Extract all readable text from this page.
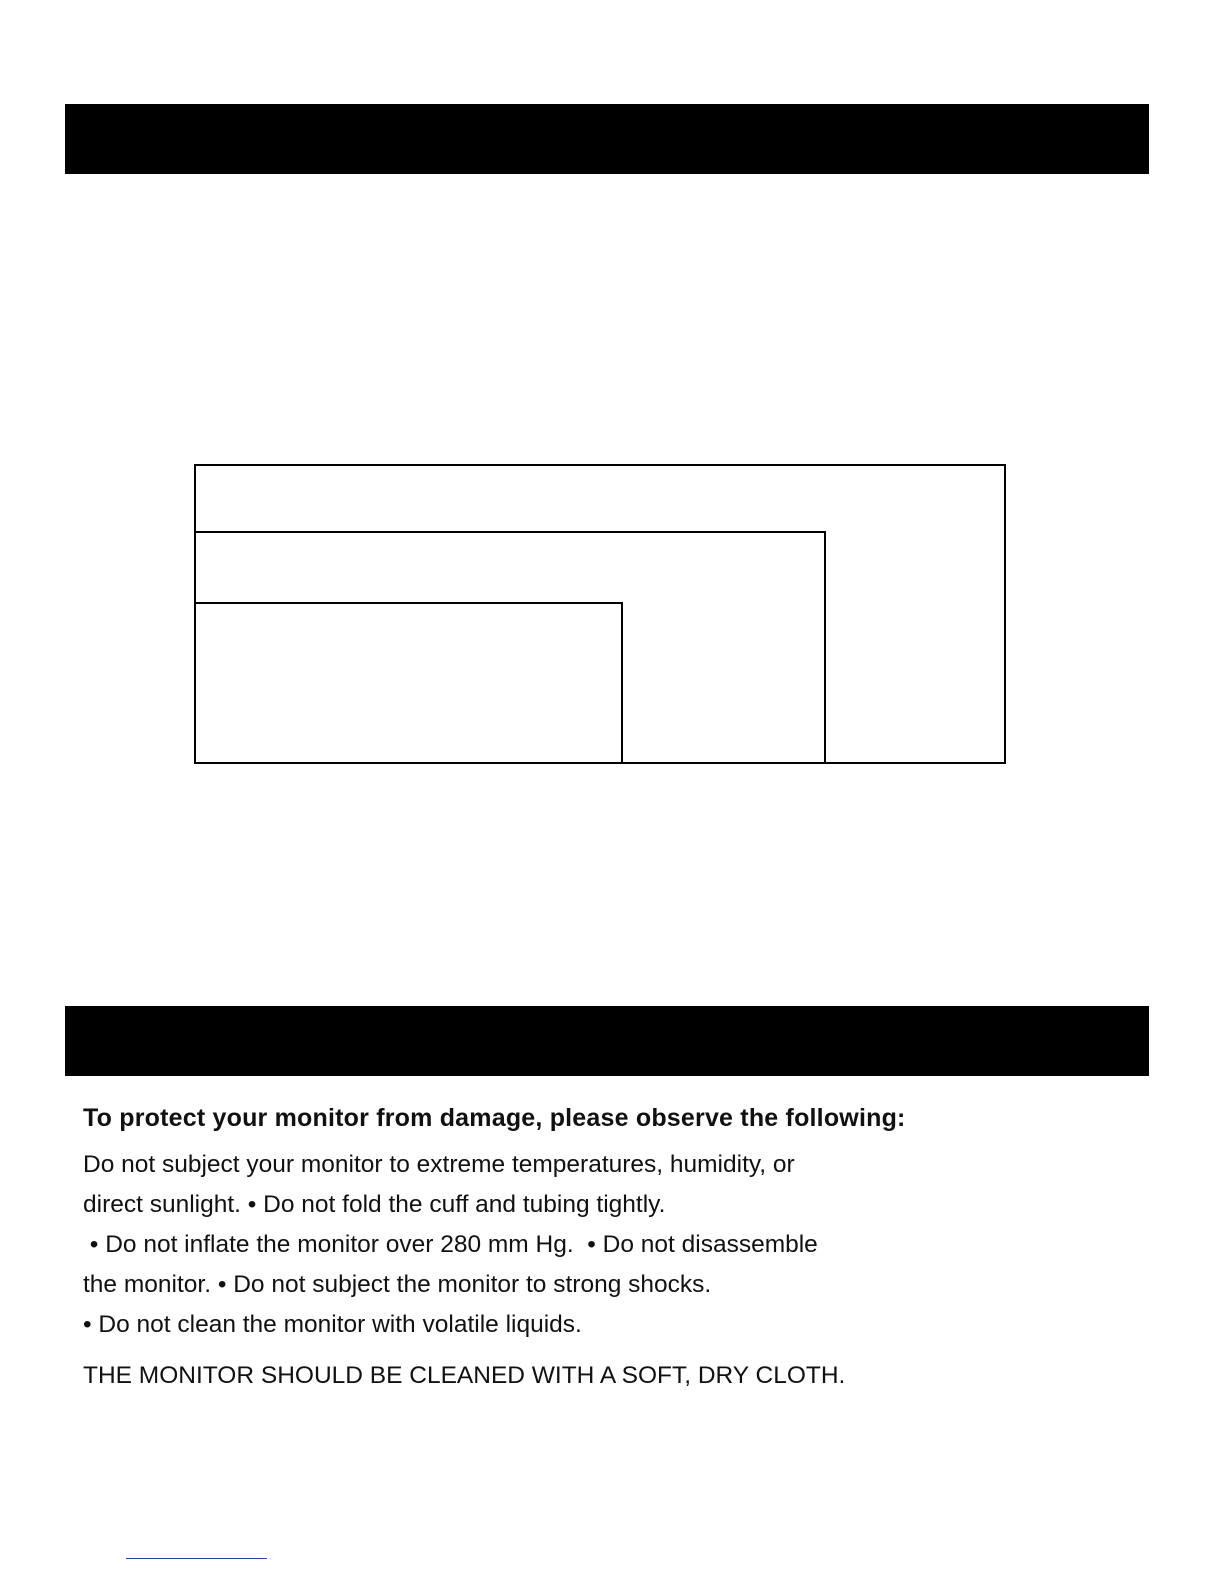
To protect your monitor from damage, please observe the following:

Do not subject your monitor to extreme temperatures, humidity, or
direct sunlight. • Do not fold the cuff and tubing tightly.
• Do not inflate the monitor over 280 mm Hg.  • Do not disassemble
the monitor. • Do not subject the monitor to strong shocks.
• Do not clean the monitor with volatile liquids.

THE MONITOR SHOULD BE CLEANED WITH A SOFT, DRY CLOTH.
